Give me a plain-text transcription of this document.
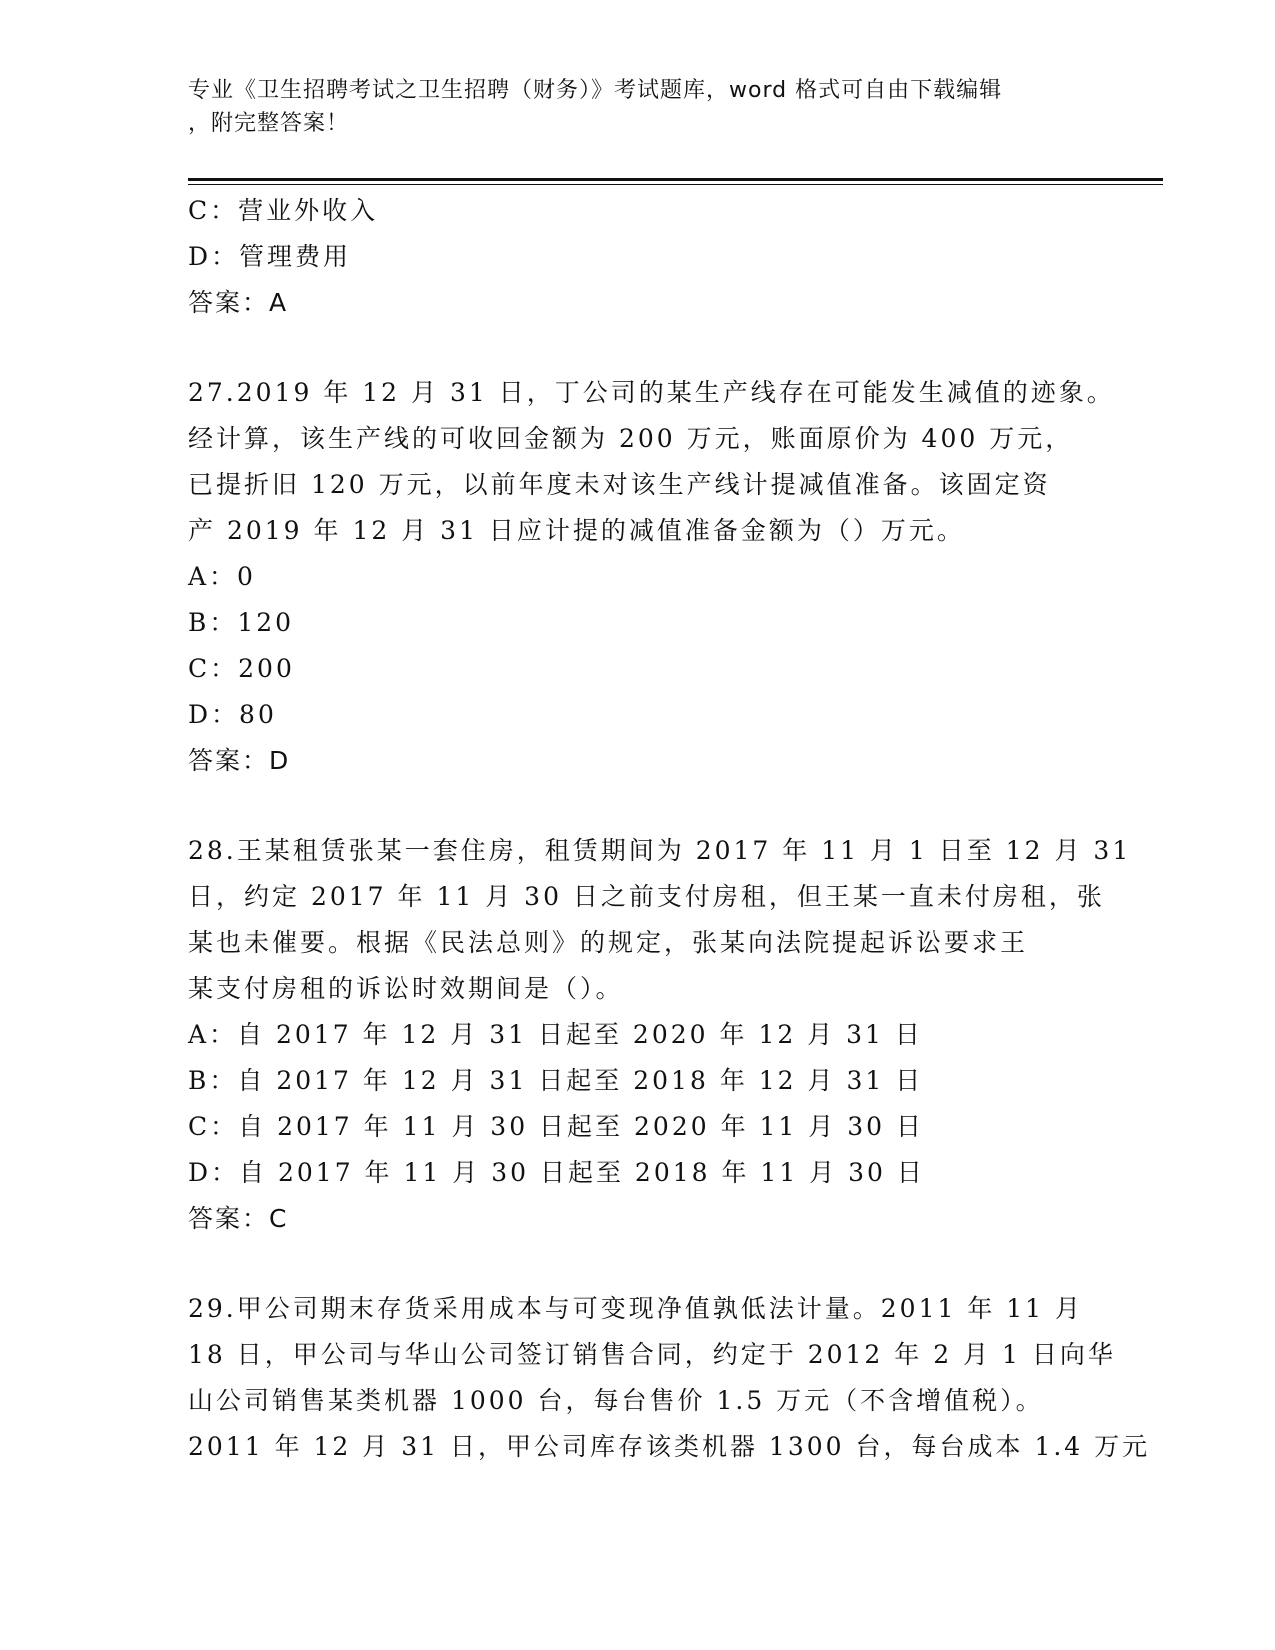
专业《卫生招聘考试之卫生招聘（财务）》考试题库，word 格式可自由下载编辑
，附完整答案！
C：营业外收入
D：管理费用
答案：A
27.2019 年 12 月 31 日，丁公司的某生产线存在可能发生减值的迹象。
经计算，该生产线的可收回金额为 200 万元，账面原价为 400 万元，
已提折旧 120 万元，以前年度未对该生产线计提减值准备。该固定资
产 2019 年 12 月 31 日应计提的减值准备金额为（）万元。
A：0
B：120
C：200
D：80
答案：D
28.王某租赁张某一套住房，租赁期间为 2017 年 11 月 1 日至 12 月 31
日，约定 2017 年 11 月 30 日之前支付房租，但王某一直未付房租，张
某也未催要。根据《民法总则》的规定，张某向法院提起诉讼要求王
某支付房租的诉讼时效期间是（）。
A：自 2017 年 12 月 31 日起至 2020 年 12 月 31 日
B：自 2017 年 12 月 31 日起至 2018 年 12 月 31 日
C：自 2017 年 11 月 30 日起至 2020 年 11 月 30 日
D：自 2017 年 11 月 30 日起至 2018 年 11 月 30 日
答案：C
29.甲公司期末存货采用成本与可变现净值孰低法计量。2011 年 11 月
18 日，甲公司与华山公司签订销售合同，约定于 2012 年 2 月 1 日向华
山公司销售某类机器 1000 台，每台售价 1.5 万元（不含增值税）。
2011 年 12 月 31 日，甲公司库存该类机器 1300 台，每台成本 1.4 万元
